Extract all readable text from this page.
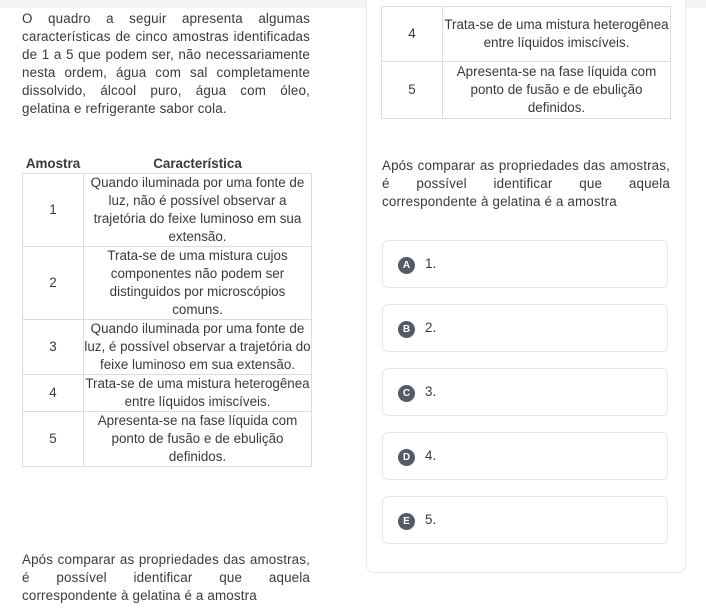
O quadro a seguir apresenta algumas características de cinco amostras identificadas de 1 a 5 que podem ser, não necessariamente nesta ordem, água com sal completamente dissolvido, álcool puro, água com óleo, gelatina e refrigerante sabor cola.

Amostra	Característica
1	Quando iluminada por uma fonte de luz, não é possível observar a trajetória do feixe luminoso em sua extensão.
2	Trata-se de uma mistura cujos componentes não podem ser distinguidos por microscópios comuns.
3	Quando iluminada por uma fonte de luz, é possível observar a trajetória do feixe luminoso em sua extensão.
4	Trata-se de uma mistura heterogênea entre líquidos imiscíveis.
5	Apresenta-se na fase líquida com ponto de fusão e de ebulição definidos.

Após comparar as propriedades das amostras, é possível identificar que aquela correspondente à gelatina é a amostra

4	Trata-se de uma mistura heterogênea entre líquidos imiscíveis.
5	Apresenta-se na fase líquida com ponto de fusão e de ebulição definidos.

Após comparar as propriedades das amostras, é possível identificar que aquela correspondente à gelatina é a amostra

A	1.
B	2.
C	3.
D	4.
E	5.
